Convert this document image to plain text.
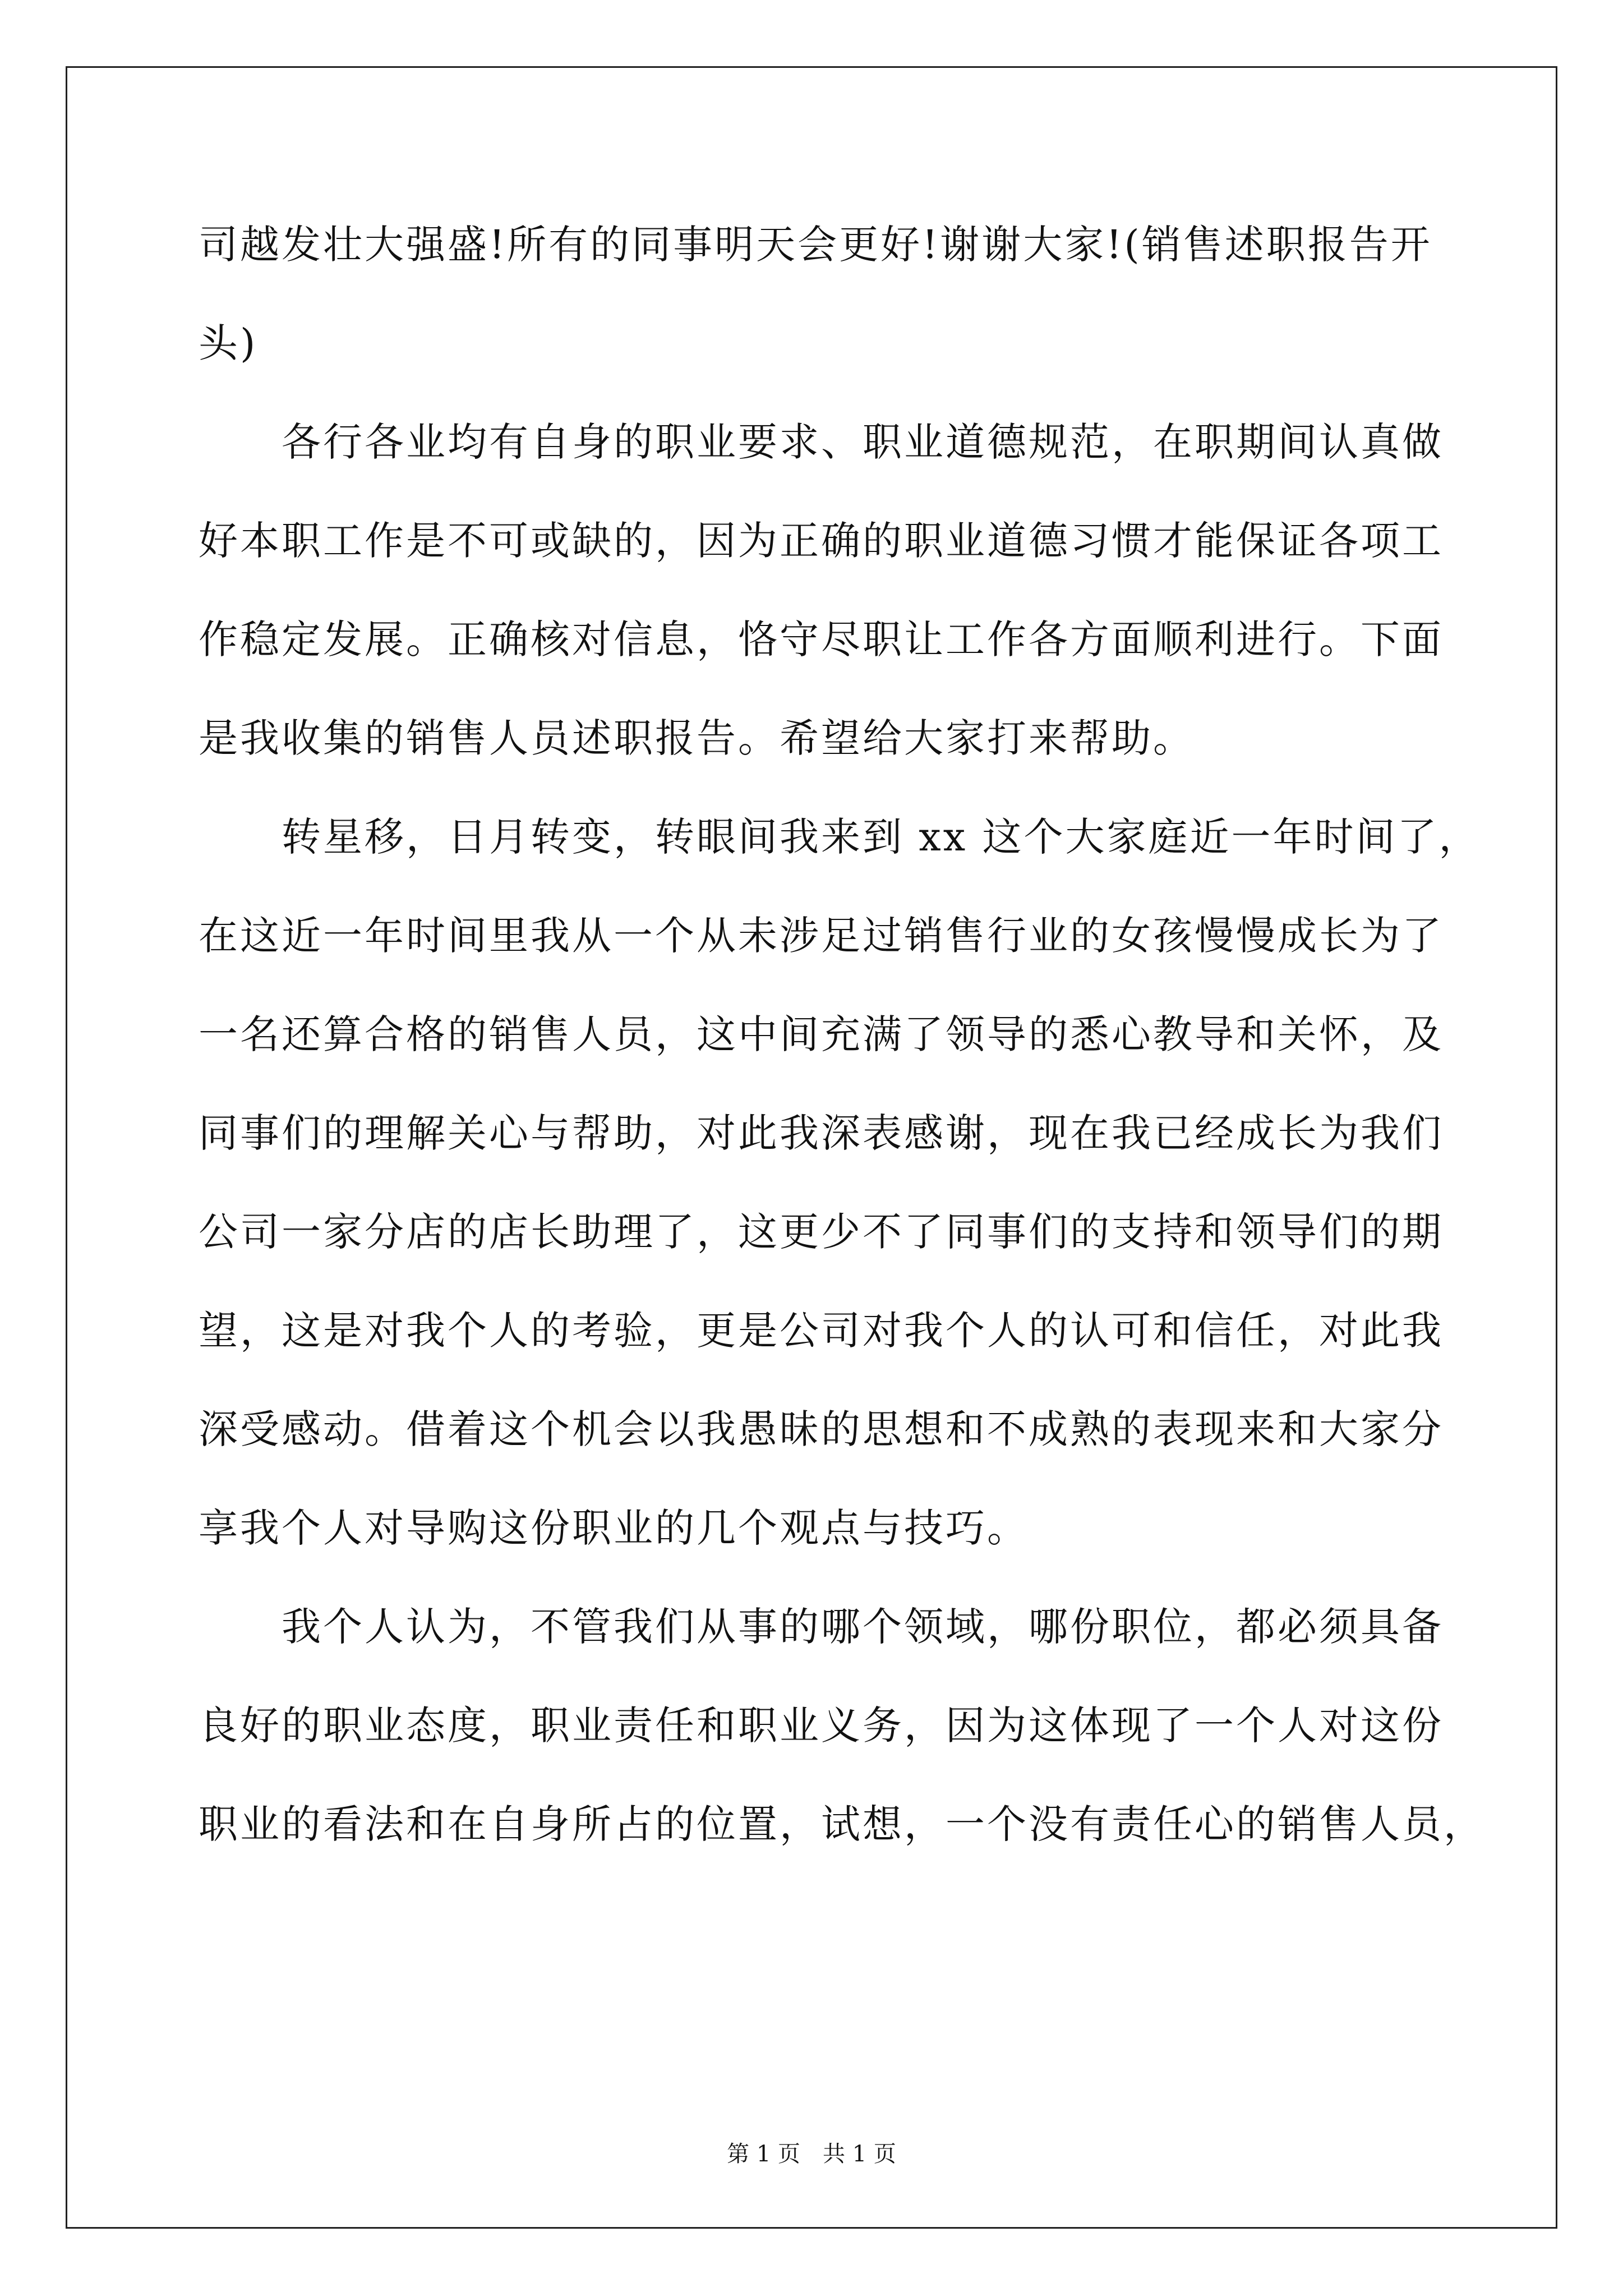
司越发壮大强盛!所有的同事明天会更好!谢谢大家!(销售述职报告开
头)
各行各业均有自身的职业要求、职业道德规范，在职期间认真做
好本职工作是不可或缺的，因为正确的职业道德习惯才能保证各项工
作稳定发展。正确核对信息，恪守尽职让工作各方面顺利进行。下面
是我收集的销售人员述职报告。希望给大家打来帮助。
转星移，日月转变，转眼间我来到 xx 这个大家庭近一年时间了，
在这近一年时间里我从一个从未涉足过销售行业的女孩慢慢成长为了
一名还算合格的销售人员，这中间充满了领导的悉心教导和关怀，及
同事们的理解关心与帮助，对此我深表感谢，现在我已经成长为我们
公司一家分店的店长助理了，这更少不了同事们的支持和领导们的期
望，这是对我个人的考验，更是公司对我个人的认可和信任，对此我
深受感动。借着这个机会以我愚昧的思想和不成熟的表现来和大家分
享我个人对导购这份职业的几个观点与技巧。
我个人认为，不管我们从事的哪个领域，哪份职位，都必须具备
良好的职业态度，职业责任和职业义务，因为这体现了一个人对这份
职业的看法和在自身所占的位置，试想，一个没有责任心的销售人员，
第 1 页　共 1 页
